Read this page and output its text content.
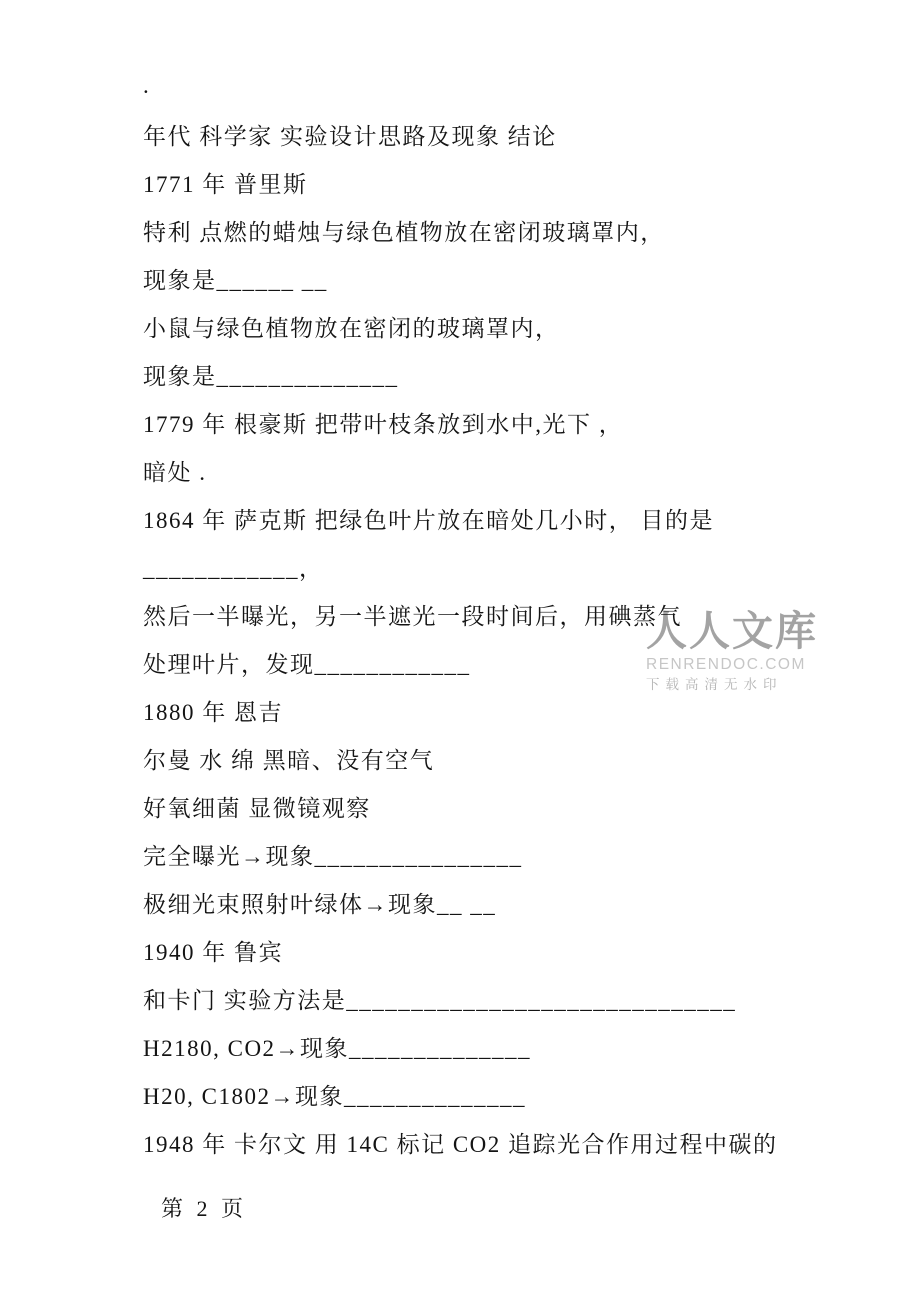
人人文库
RENRENDOC.COM
下载高清无水印
.
年代 科学家 实验设计思路及现象 结论
1771 年 普里斯
特利 点燃的蜡烛与绿色植物放在密闭玻璃罩内，
现象是______ __
小鼠与绿色植物放在密闭的玻璃罩内，
现象是______________
1779 年 根豪斯 把带叶枝条放到水中,光下 ，
暗处 .
1864 年 萨克斯 把绿色叶片放在暗处几小时， 目的是
____________，
然后一半曝光，另一半遮光一段时间后，用碘蒸气
处理叶片，发现____________
1880 年 恩吉
尔曼 水 绵 黑暗、没有空气
好氧细菌 显微镜观察
完全曝光→现象________________
极细光束照射叶绿体→现象__ __
1940 年 鲁宾
和卡门 实验方法是______________________________
H2180, CO2→现象______________
H20, C1802→现象______________
1948 年 卡尔文 用 14C 标记 CO2 追踪光合作用过程中碳的
第 2 页
